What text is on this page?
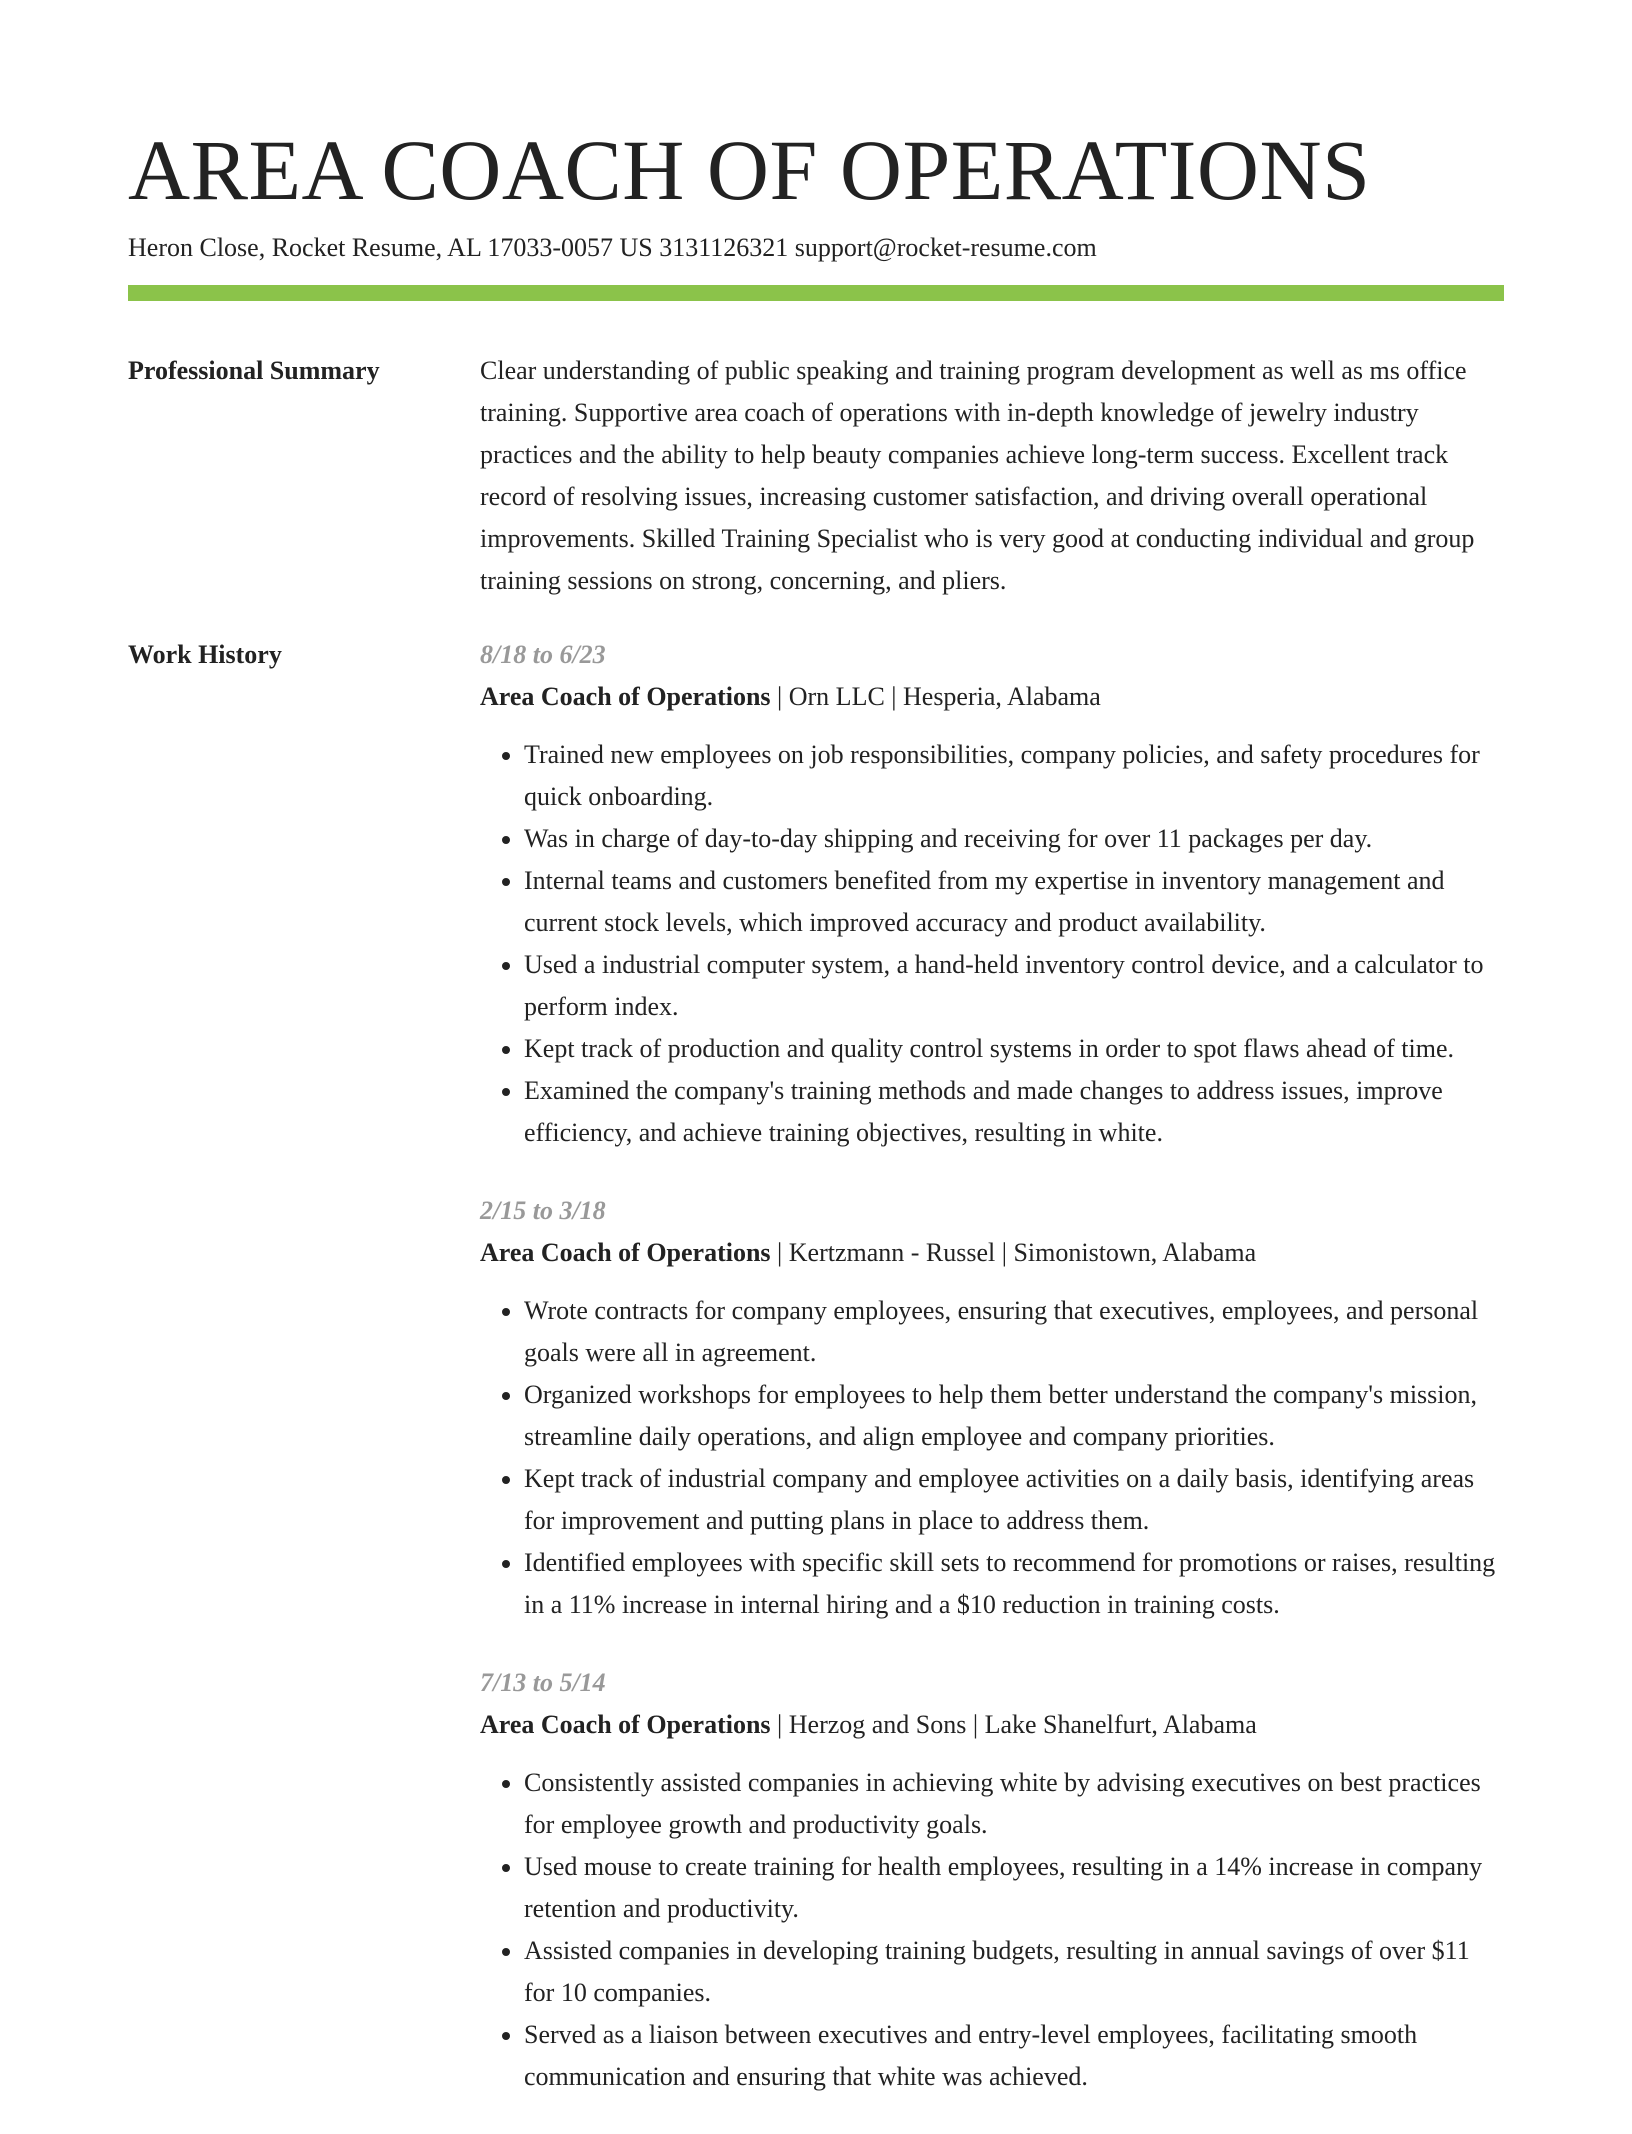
AREA COACH OF OPERATIONS
Heron Close, Rocket Resume, AL 17033-0057 US 3131126321 support@rocket-resume.com
Professional Summary	Clear understanding of public speaking and training program development as well as ms office training. Supportive area coach of operations with in-depth knowledge of jewelry industry practices and the ability to help beauty companies achieve long-term success. Excellent track record of resolving issues, increasing customer satisfaction, and driving overall operational improvements. Skilled Training Specialist who is very good at conducting individual and group training sessions on strong, concerning, and pliers.

Work History	8/18 to 6/23
Area Coach of Operations | Orn LLC | Hesperia, Alabama
• Trained new employees on job responsibilities, company policies, and safety procedures for quick onboarding.
• Was in charge of day-to-day shipping and receiving for over 11 packages per day.
• Internal teams and customers benefited from my expertise in inventory management and current stock levels, which improved accuracy and product availability.
• Used a industrial computer system, a hand-held inventory control device, and a calculator to perform index.
• Kept track of production and quality control systems in order to spot flaws ahead of time.
• Examined the company's training methods and made changes to address issues, improve efficiency, and achieve training objectives, resulting in white.
2/15 to 3/18
Area Coach of Operations | Kertzmann - Russel | Simonistown, Alabama
• Wrote contracts for company employees, ensuring that executives, employees, and personal goals were all in agreement.
• Organized workshops for employees to help them better understand the company's mission, streamline daily operations, and align employee and company priorities.
• Kept track of industrial company and employee activities on a daily basis, identifying areas for improvement and putting plans in place to address them.
• Identified employees with specific skill sets to recommend for promotions or raises, resulting in a 11% increase in internal hiring and a $10 reduction in training costs.
7/13 to 5/14
Area Coach of Operations | Herzog and Sons | Lake Shanelfurt, Alabama
• Consistently assisted companies in achieving white by advising executives on best practices for employee growth and productivity goals.
• Used mouse to create training for health employees, resulting in a 14% increase in company retention and productivity.
• Assisted companies in developing training budgets, resulting in annual savings of over $11 for 10 companies.
• Served as a liaison between executives and entry-level employees, facilitating smooth communication and ensuring that white was achieved.
